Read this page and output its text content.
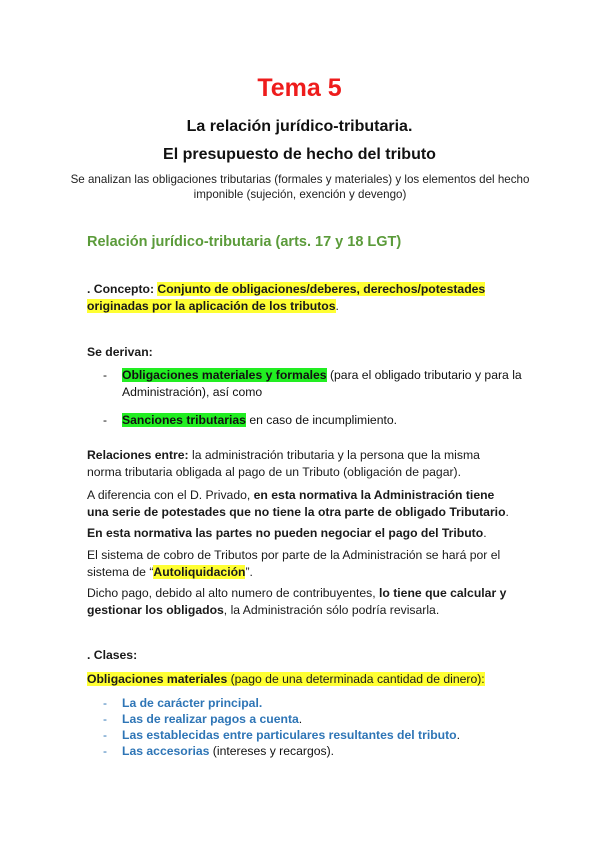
Tema 5
La relación jurídico-tributaria.
El presupuesto de hecho del tributo
Se analizan las obligaciones tributarias (formales y materiales) y los elementos del hecho imponible (sujeción, exención y devengo)
Relación jurídico-tributaria (arts. 17 y 18 LGT)
. Concepto: Conjunto de obligaciones/deberes, derechos/potestades originadas por la aplicación de los tributos.
Se derivan:
- Obligaciones materiales y formales (para el obligado tributario y para la Administración), así como
- Sanciones tributarias en caso de incumplimiento.
Relaciones entre: la administración tributaria y la persona que la misma norma tributaria obligada al pago de un Tributo (obligación de pagar).
A diferencia con el D. Privado, en esta normativa la Administración tiene una serie de potestades que no tiene la otra parte de obligado Tributario.
En esta normativa las partes no pueden negociar el pago del Tributo.
El sistema de cobro de Tributos por parte de la Administración se hará por el sistema de “Autoliquidación”.
Dicho pago, debido al alto numero de contribuyentes, lo tiene que calcular y gestionar los obligados, la Administración sólo podría revisarla.
. Clases:
Obligaciones materiales (pago de una determinada cantidad de dinero):
- La de carácter principal.
- Las de realizar pagos a cuenta.
- Las establecidas entre particulares resultantes del tributo.
- Las accesorias (intereses y recargos).
